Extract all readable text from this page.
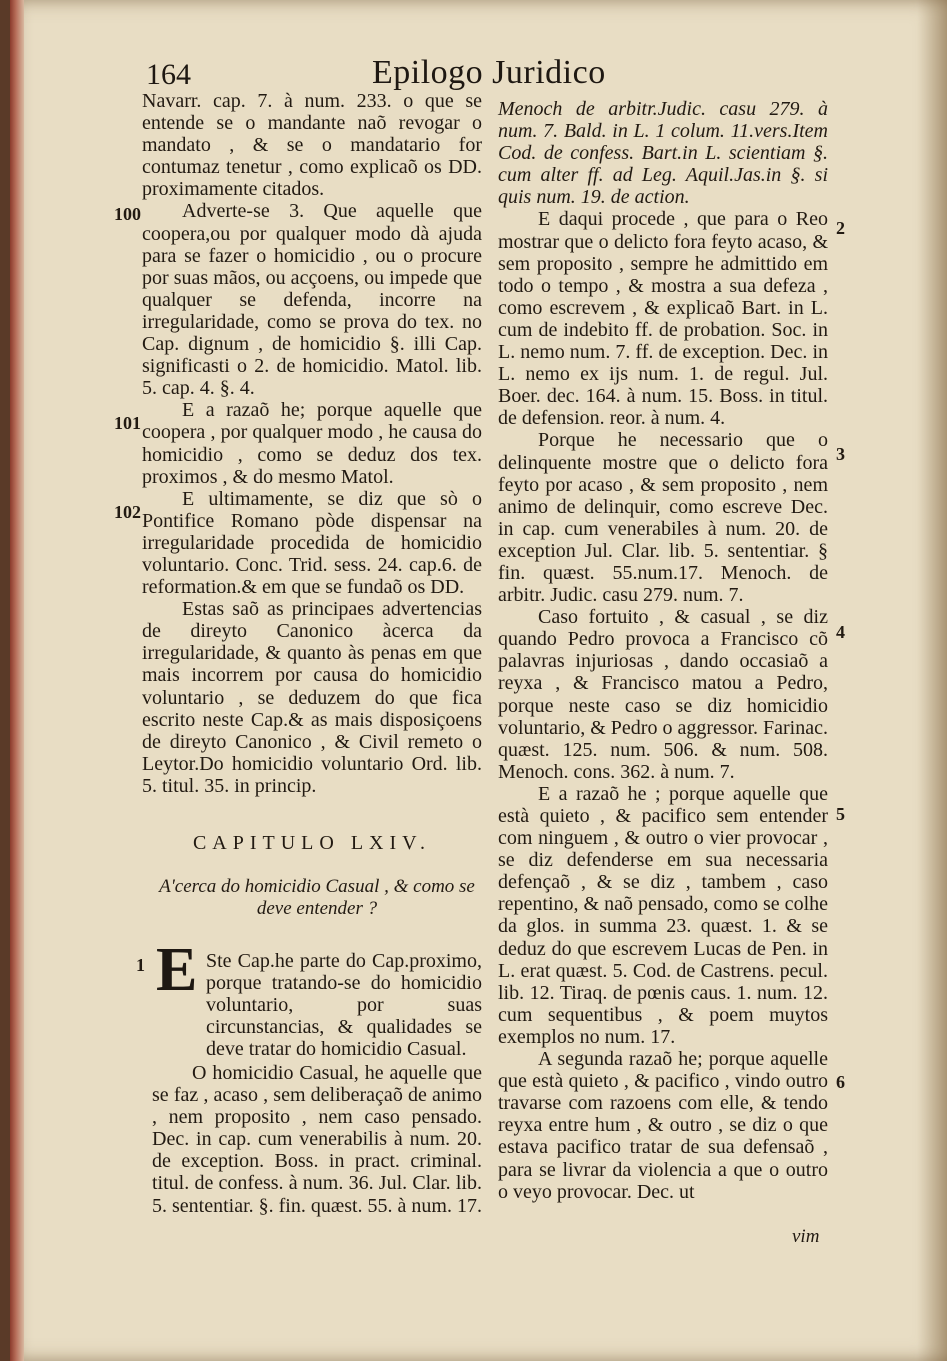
164	Epilogo Juridico
100
101
102
1
2
3
4
5
6

Navarr. cap. 7. à num. 233. o que se entende se o mandante naõ revogar o mandato , & se o mandatario for contumaz tenetur , como explicaõ os DD. proximamente citados.

Adverte-se 3. Que aquelle que coopera,ou por qualquer modo dà ajuda para se fazer o homicidio , ou o procure por suas mãos, ou acçoens, ou impede que qualquer se defenda, incorre na irregularidade, como se prova do tex. no Cap. dignum , de homicidio §. illi Cap. significasti o 2. de homicidio. Matol. lib. 5. cap. 4. §. 4.

E a razaõ he; porque aquelle que coopera , por qualquer modo , he causa do homicidio , como se deduz dos tex. proximos , & do mesmo Matol.

E ultimamente, se diz que sò o Pontifice Romano pòde dispensar na irregularidade procedida de homicidio voluntario. Conc. Trid. sess. 24. cap.6. de reformation.& em que se fundaõ os DD.

Estas saõ as principaes advertencias de direyto Canonico àcerca da irregularidade, & quanto às penas em que mais incorrem por causa do homicidio voluntario , se deduzem do que fica escrito neste Cap.& as mais disposiçoens de direyto Canonico , & Civil remeto o Leytor.Do homicidio voluntario Ord. lib. 5. titul. 35. in princip.

CAPITULO LXIV.
A'cerca do homicidio Casual , & como se deve entender ?
E Ste Cap.he parte do Cap.proximo, porque tratando-se do homicidio voluntario, por suas circunstancias, & qualidades se deve tratar do homicidio Casual.

O homicidio Casual, he aquelle que se faz , acaso , sem deliberaçaõ de animo , nem proposito , nem caso pensado. Dec. in cap. cum venerabilis à num. 20. de exception. Boss. in pract. criminal. titul. de confess. à num. 36. Jul. Clar. lib. 5. sententiar. §. fin. quæst. 55. à num. 17.

Menoch de arbitr.Judic. casu 279. à num. 7. Bald. in L. 1 colum. 11.vers.Item Cod. de confess. Bart.in L. scientiam §. cum alter ff. ad Leg. Aquil.Jas.in §. si quis num. 19. de action.

E daqui procede , que para o Reo mostrar que o delicto fora feyto acaso, & sem proposito , sempre he admittido em todo o tempo , & mostra a sua defeza , como escrevem , & explicaõ Bart. in L. cum de indebito ff. de probation. Soc. in L. nemo num. 7. ff. de exception. Dec. in L. nemo ex ijs num. 1. de regul. Jul. Boer. dec. 164. à num. 15. Boss. in titul. de defension. reor. à num. 4.

Porque he necessario que o delinquente mostre que o delicto fora feyto por acaso , & sem proposito , nem animo de delinquir, como escreve Dec. in cap. cum venerabiles à num. 20. de exception Jul. Clar. lib. 5. sententiar. § fin. quæst. 55.num.17. Menoch. de arbitr. Judic. casu 279. num. 7.

Caso fortuito , & casual , se diz quando Pedro provoca a Francisco cõ palavras injuriosas , dando occasiaõ a reyxa , & Francisco matou a Pedro, porque neste caso se diz homicidio voluntario, & Pedro o aggressor. Farinac. quæst. 125. num. 506. & num. 508. Menoch. cons. 362. à num. 7.

E a razaõ he ; porque aquelle que està quieto , & pacifico sem entender com ninguem , & outro o vier provocar , se diz defenderse em sua necessaria defençaõ , & se diz , tambem , caso repentino, & naõ pensado, como se colhe da glos. in summa 23. quæst. 1. & se deduz do que escrevem Lucas de Pen. in L. erat quæst. 5. Cod. de Castrens. pecul. lib. 12. Tiraq. de pœnis caus. 1. num. 12. cum sequentibus , & poem muytos exemplos no num. 17.

A segunda razaõ he; porque aquelle que està quieto , & pacifico , vindo outro travarse com razoens com elle, & tendo reyxa entre hum , & outro , se diz o que estava pacifico tratar de sua defensaõ , para se livrar da violencia a que o outro o veyo provocar. Dec. ut

vim
